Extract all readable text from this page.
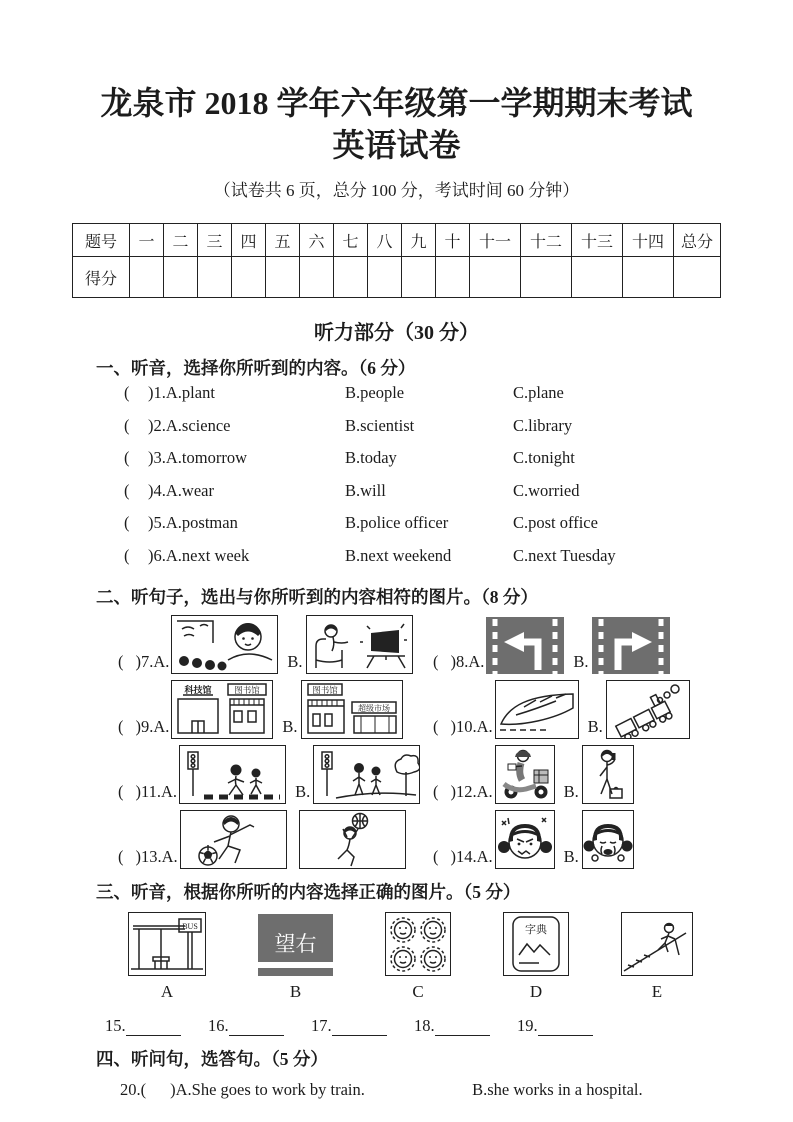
龙泉市 2018 学年六年级第一学期期末考试
英语试卷
（试卷共 6 页，总分 100 分，考试时间 60 分钟）
题号	一	二	三	四	五	六	七	八	九	十	十一	十二	十三	十四	总分
得分															
听力部分（30 分）
一、听音，选择你所听到的内容。（6 分）
(	)1.A.plant	B.people	C.plane
(	)2.A.science	B.scientist	C.library
(	)3.A.tomorrow	B.today	C.tonight
(	)4.A.wear	B.will	C.worried
(	)5.A.postman	B.police officer	C.post office
(	)6.A.next week	B.next weekend	C.next Tuesday
二、听句子，选出与你所听到的内容相符的图片。（8 分）
( )7.A.	B.	( )8.A.	B.
( )9.A.
科技馆	图书馆
B.
图书馆
超级市场
( )10.A.	B.
( )11.A.	B.	( )12.A.	B.
( )13.A.	( )14.A.	B.
三、听音，根据你所听的内容选择正确的图片。（5 分）
BUS
A
望右
B	C
字典
D	E
15.	16.	17.	18.	19.
四、听问句，选答句。（5 分）
20.( )A.She goes to work by train.	B.she works in a hospital.
